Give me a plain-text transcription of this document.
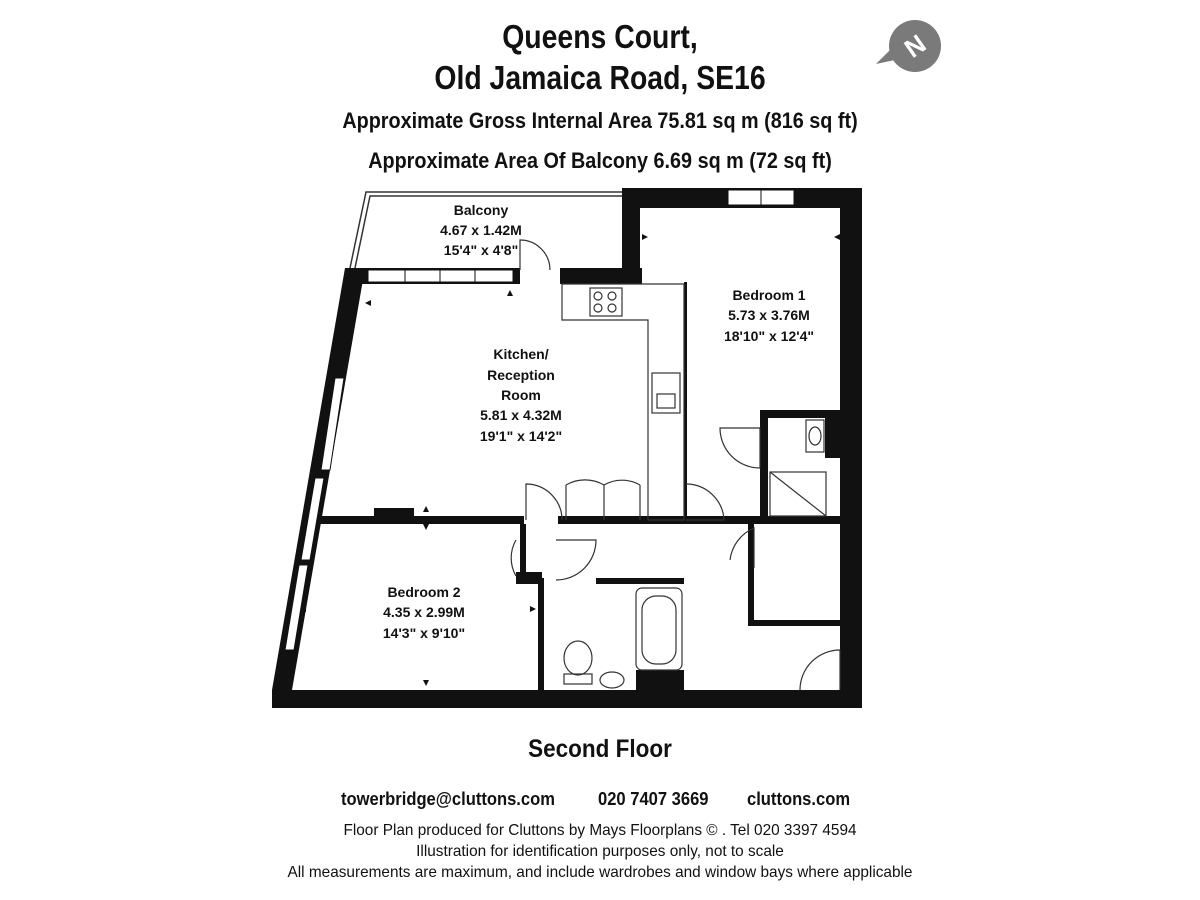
Queens Court,
Old Jamaica Road, SE16
Approximate Gross Internal Area 75.81 sq m (816 sq ft)
Approximate Area Of Balcony 6.69 sq m (72 sq ft)
N
Balcony
4.67 x 1.42M
15'4" x 4'8"
Bedroom 1
5.73 x 3.76M
18'10" x 12'4"
Kitchen/
Reception
Room
5.81 x 4.32M
19'1" x 14'2"
Bedroom 2
4.35 x 2.99M
14'3" x 9'10"
Second Floor
towerbridge@cluttons.com 020 7407 3669 cluttons.com
Floor Plan produced for Cluttons by Mays Floorplans © . Tel 020 3397 4594
Illustration for identification purposes only, not to scale
All measurements are maximum, and include wardrobes and window bays where applicable
